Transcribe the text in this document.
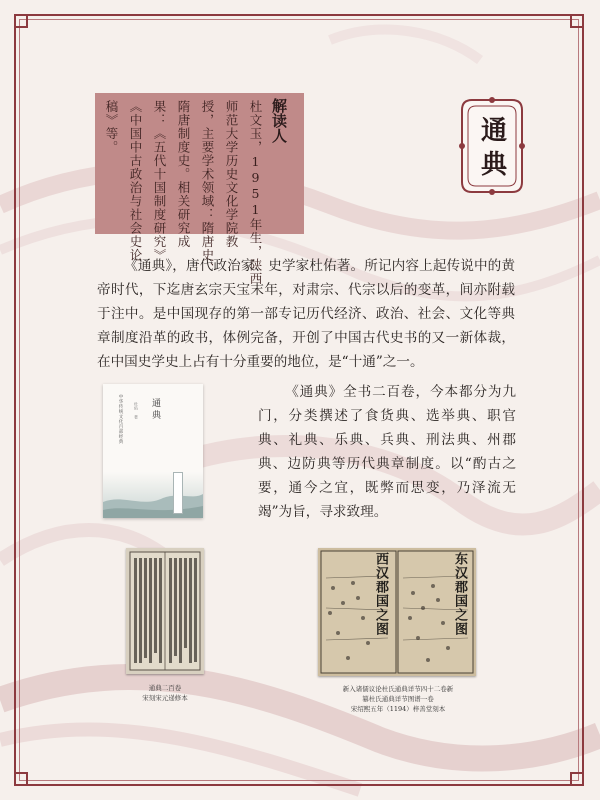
通典
杜文玉，1951年生，陕西
师范大学历史文化学院教
授，主要学术领域：隋唐史、
隋唐制度史。相关研究成
果：《五代十国制度研究》
《中国中古政治与社会史论
稿》等。	解读人

《通典》，唐代政治家、史学家杜佑著。所记内容上起传说中的黄帝时代，下迄唐玄宗天宝末年，对肃宗、代宗以后的变革，间亦附载于注中。是中国现存的第一部专记历代经济、政治、社会、文化等典章制度沿革的政书，体例完备，开创了中国古代史书的又一新体裁，在中国史学史上占有十分重要的地位，是“十通”之一。

中华传统文化百部经典	杜佑 著 通典

《通典》全书二百卷，今本都分为九门，分类撰述了食货典、选举典、职官典、礼典、乐典、兵典、刑法典、州郡典、边防典等历代典章制度。以“酌古之要，通今之宜，既弊而思变，乃泽流无竭”为旨，寻求致理。

通典二百卷
宋刻宋元递修本
西汉郡国之图	东汉郡国之图
新入诸儒议论杜氏通典详节四十二卷新
纂杜氏通典详节图谱一卷
宋绍熙五年（1194）梓善堂刻本
